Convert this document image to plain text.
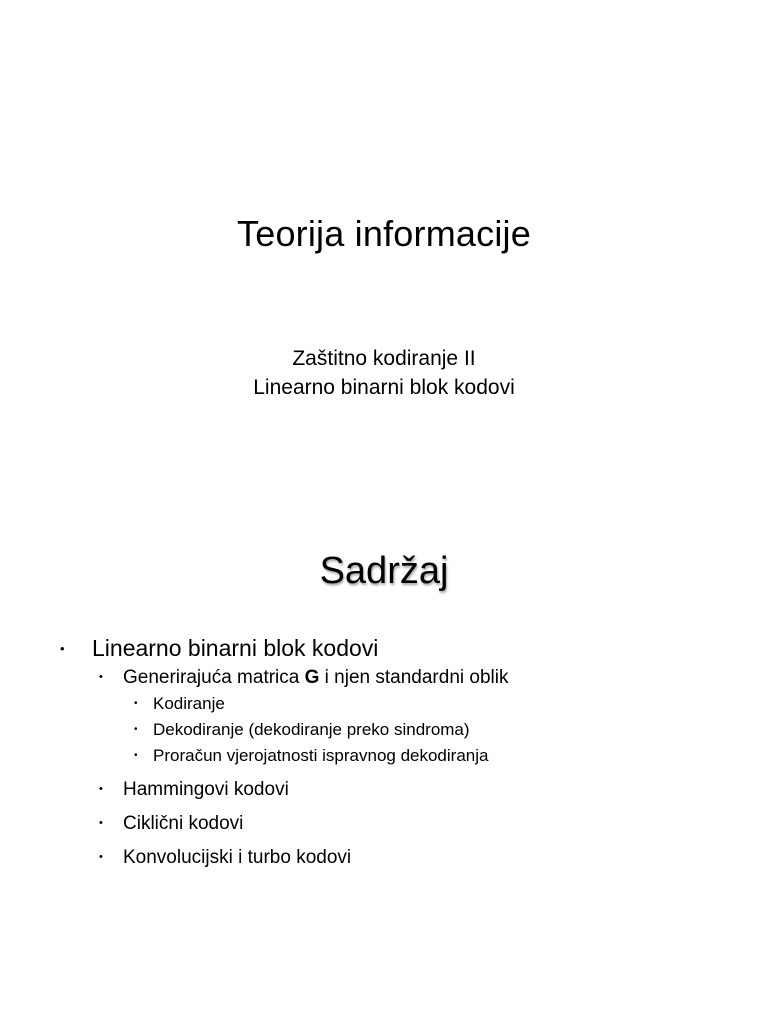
Teorija informacije
Zaštitno kodiranje II
Linearno binarni blok kodovi
Sadržaj
• Linearno binarni blok kodovi
• Generirajuća matrica G i njen standardni oblik
• Kodiranje
• Dekodiranje (dekodiranje preko sindroma)
• Proračun vjerojatnosti ispravnog dekodiranja
• Hammingovi kodovi
• Ciklični kodovi
• Konvolucijski i turbo kodovi
